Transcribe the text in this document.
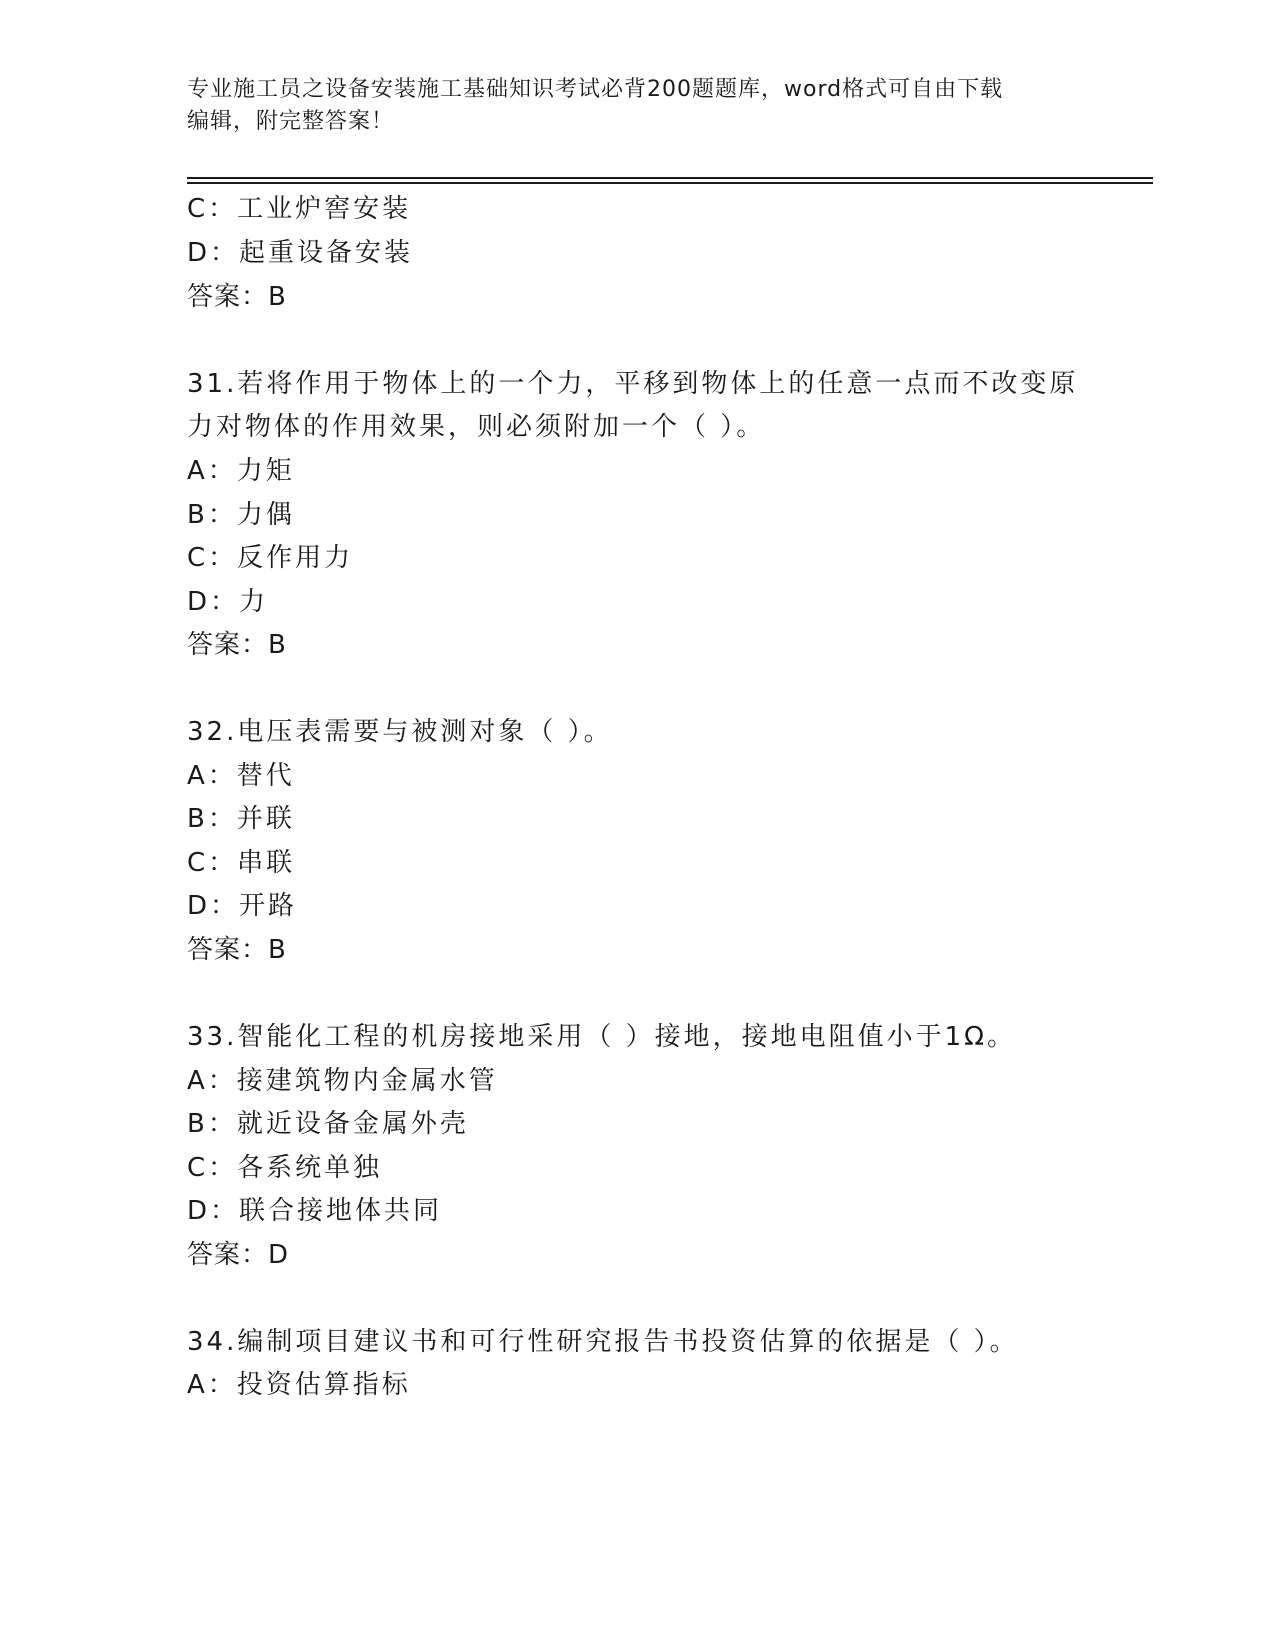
专业施工员之设备安装施工基础知识考试必背200题题库，word格式可自由下载
编辑，附完整答案！
C：工业炉窖安装
D：起重设备安装
答案：B
31.若将作用于物体上的一个力，平移到物体上的任意一点而不改变原
力对物体的作用效果，则必须附加一个（ ）。
A：力矩
B：力偶
C：反作用力
D：力
答案：B
32.电压表需要与被测对象（ ）。
A：替代
B：并联
C：串联
D：开路
答案：B
33.智能化工程的机房接地采用（ ）接地，接地电阻值小于1Ω。
A：接建筑物内金属水管
B：就近设备金属外壳
C：各系统单独
D：联合接地体共同
答案：D
34.编制项目建议书和可行性研究报告书投资估算的依据是（ ）。
A：投资估算指标
